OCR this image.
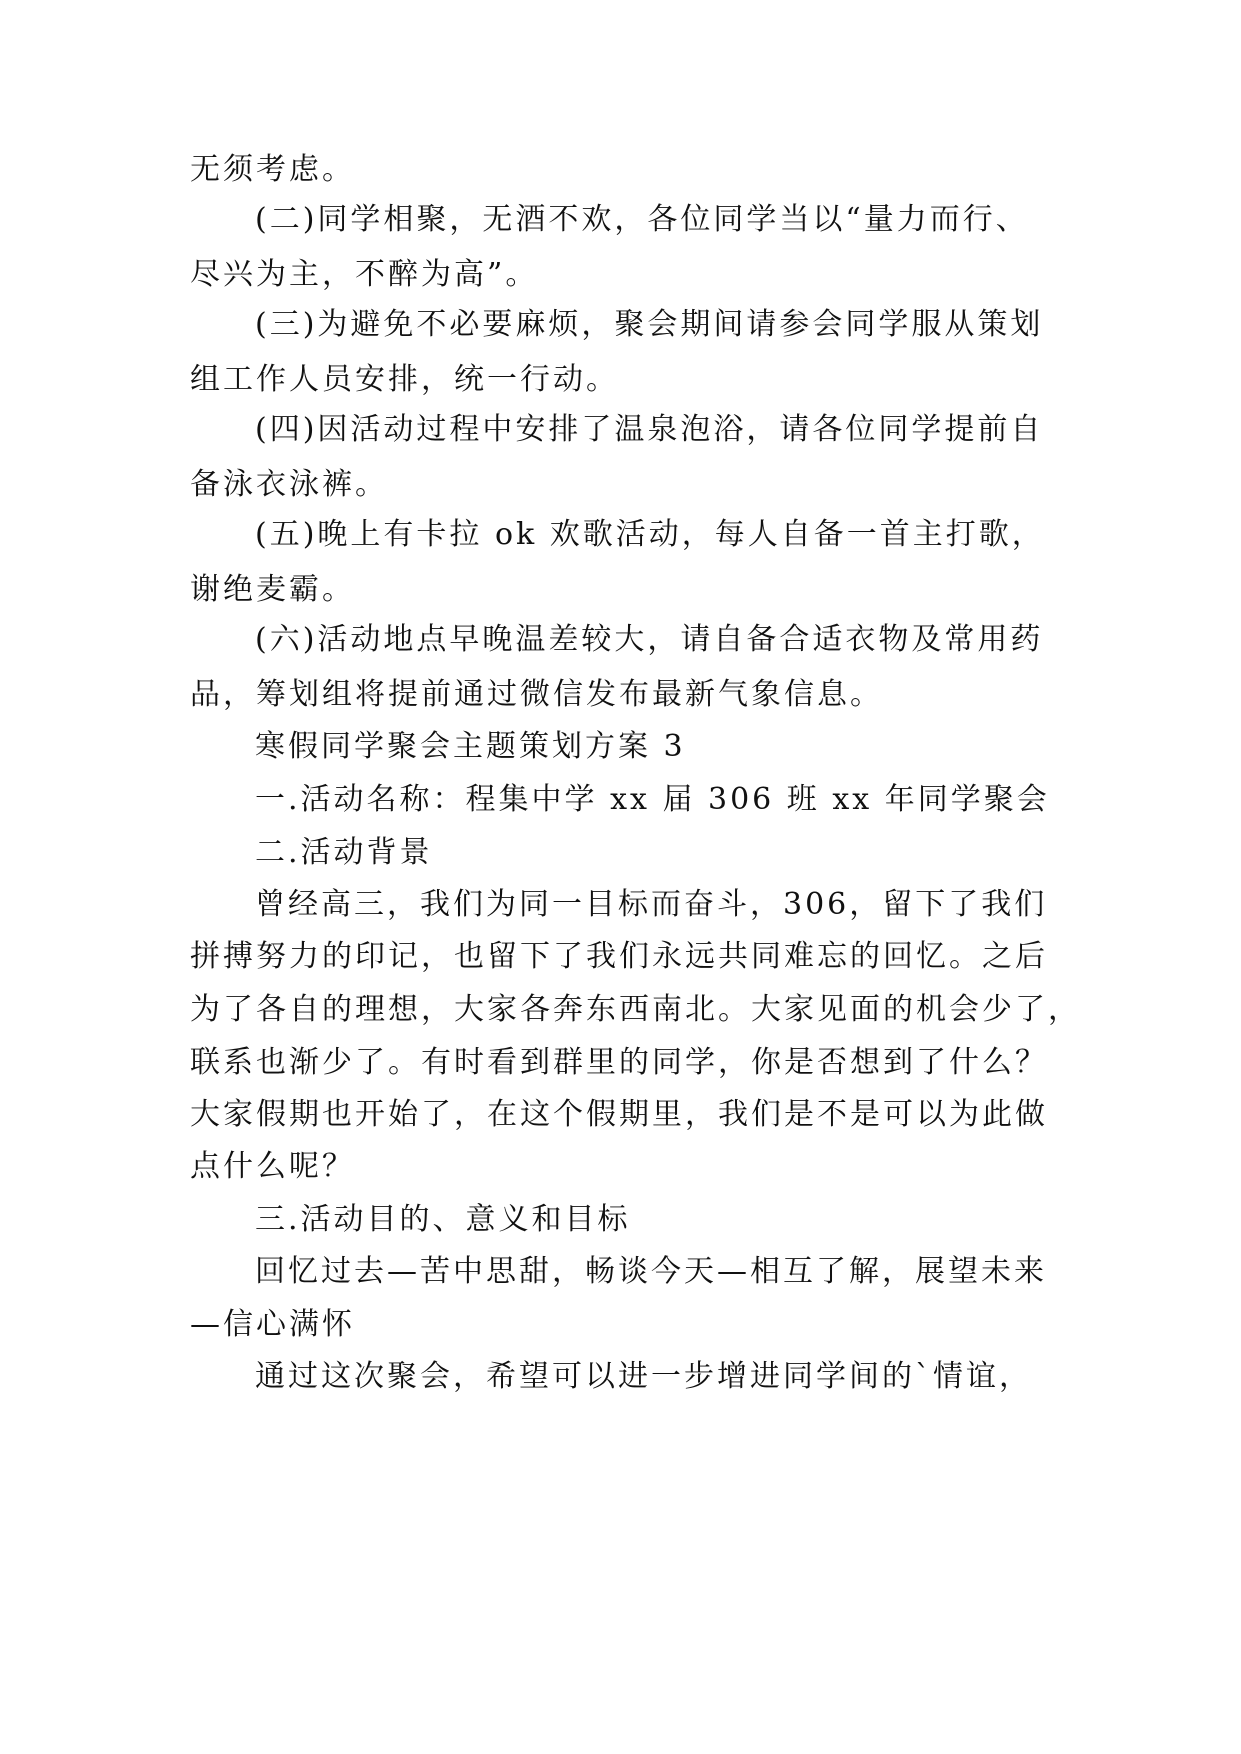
无须考虑。
(二)同学相聚，无酒不欢，各位同学当以“量力而行、
尽兴为主，不醉为高”。
(三)为避免不必要麻烦，聚会期间请参会同学服从策划
组工作人员安排，统一行动。
(四)因活动过程中安排了温泉泡浴，请各位同学提前自
备泳衣泳裤。
(五)晚上有卡拉 ok 欢歌活动，每人自备一首主打歌，
谢绝麦霸。
(六)活动地点早晚温差较大，请自备合适衣物及常用药
品，筹划组将提前通过微信发布最新气象信息。
寒假同学聚会主题策划方案 3
一.活动名称：程集中学 xx 届 306 班 xx 年同学聚会
二.活动背景
曾经高三，我们为同一目标而奋斗，306，留下了我们
拼搏努力的印记，也留下了我们永远共同难忘的回忆。之后
为了各自的理想，大家各奔东西南北。大家见面的机会少了，
联系也渐少了。有时看到群里的同学，你是否想到了什么？
大家假期也开始了，在这个假期里，我们是不是可以为此做
点什么呢？
三.活动目的、意义和目标
回忆过去—苦中思甜，畅谈今天—相互了解，展望未来
—信心满怀
通过这次聚会，希望可以进一步增进同学间的`情谊，
